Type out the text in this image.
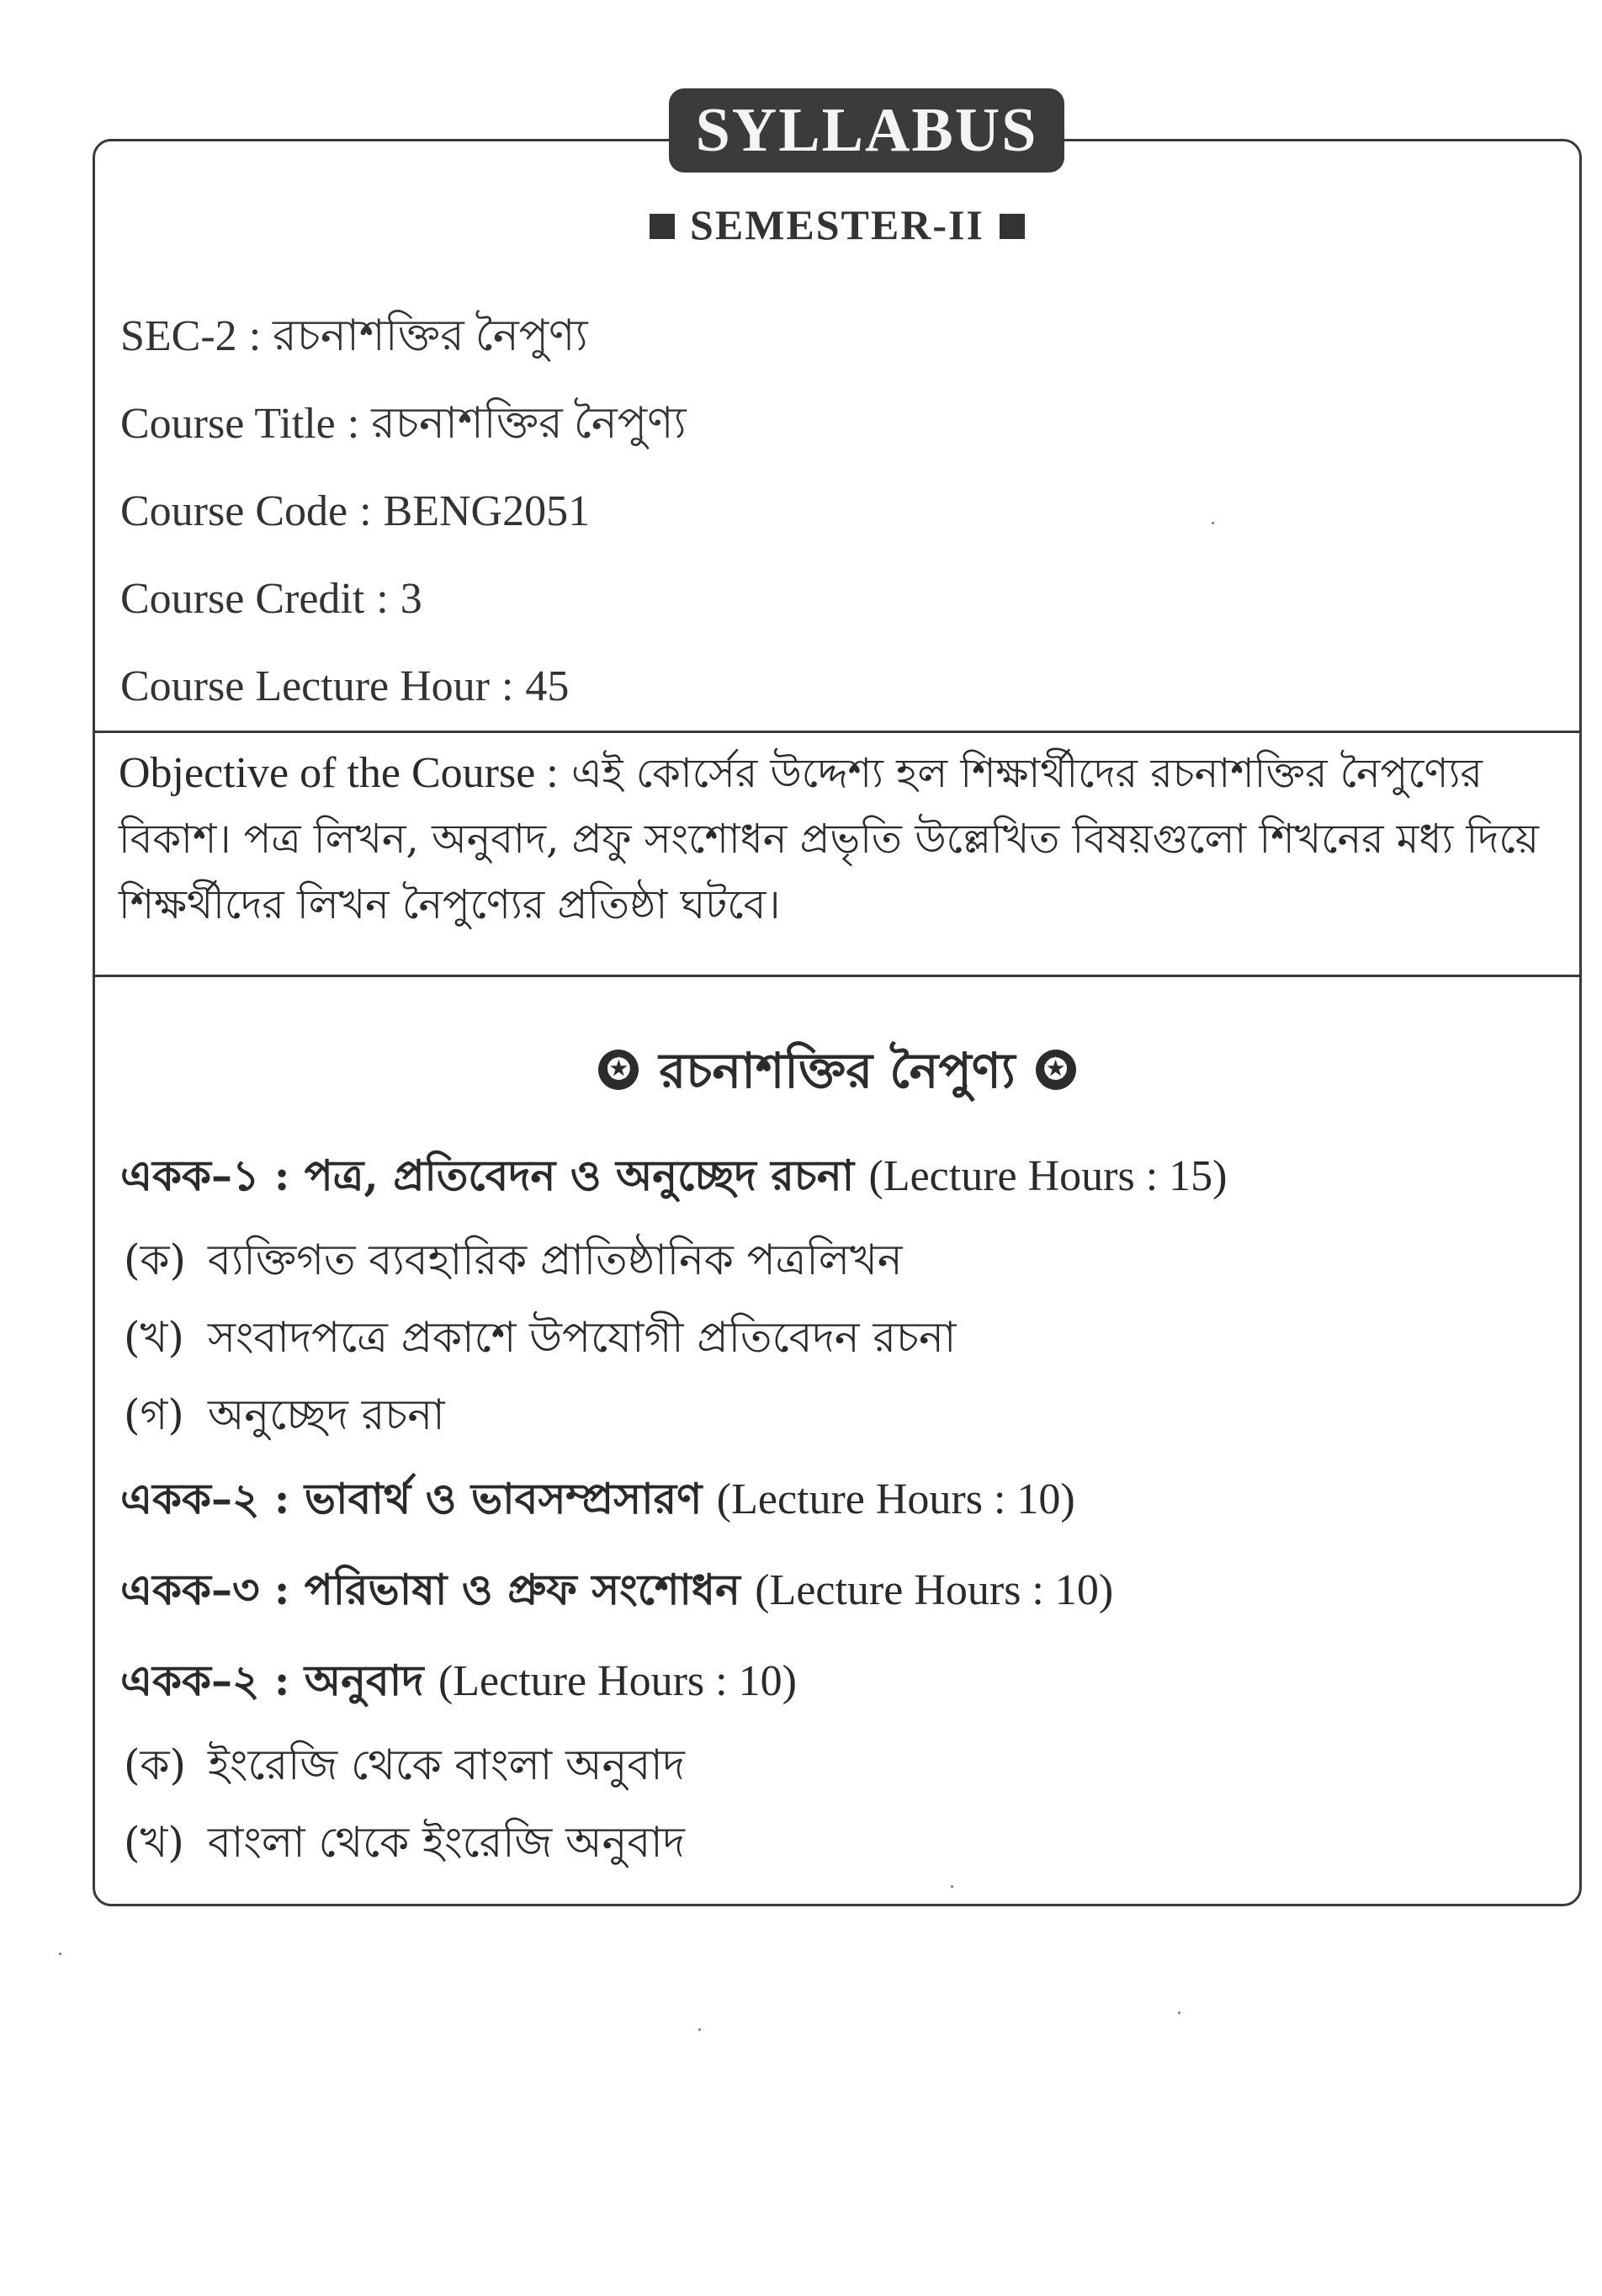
SYLLABUS
SEMESTER-II
SEC-2 : রচনাশক্তির নৈপুণ্য
Course Title : রচনাশক্তির নৈপুণ্য
Course Code : BENG2051
Course Credit : 3
Course Lecture Hour : 45
Objective of the Course : এই কোর্সের উদ্দেশ্য হল শিক্ষার্থীদের রচনাশক্তির নৈপুণ্যের বিকাশ। পত্র লিখন, অনুবাদ, প্রফু সংশোধন প্রভৃতি উল্লেখিত বিষয়গুলো শিখনের মধ্য দিয়ে শিক্ষর্থীদের লিখন নৈপুণ্যের প্রতিষ্ঠা ঘটবে।
✪ রচনাশক্তির নৈপুণ্য ✪
একক–১ : পত্র, প্রতিবেদন ও অনুচ্ছেদ রচনা (Lecture Hours : 15)
(ক) ব্যক্তিগত ব্যবহারিক প্রাতিষ্ঠানিক পত্রলিখন
(খ) সংবাদপত্রে প্রকাশে উপযোগী প্রতিবেদন রচনা
(গ) অনুচ্ছেদ রচনা
একক–২ : ভাবার্থ ও ভাবসম্প্রসারণ (Lecture Hours : 10)
একক–৩ : পরিভাষা ও প্রুফ সংশোধন (Lecture Hours : 10)
একক–২ : অনুবাদ (Lecture Hours : 10)
(ক) ইংরেজি থেকে বাংলা অনুবাদ
(খ) বাংলা থেকে ইংরেজি অনুবাদ
